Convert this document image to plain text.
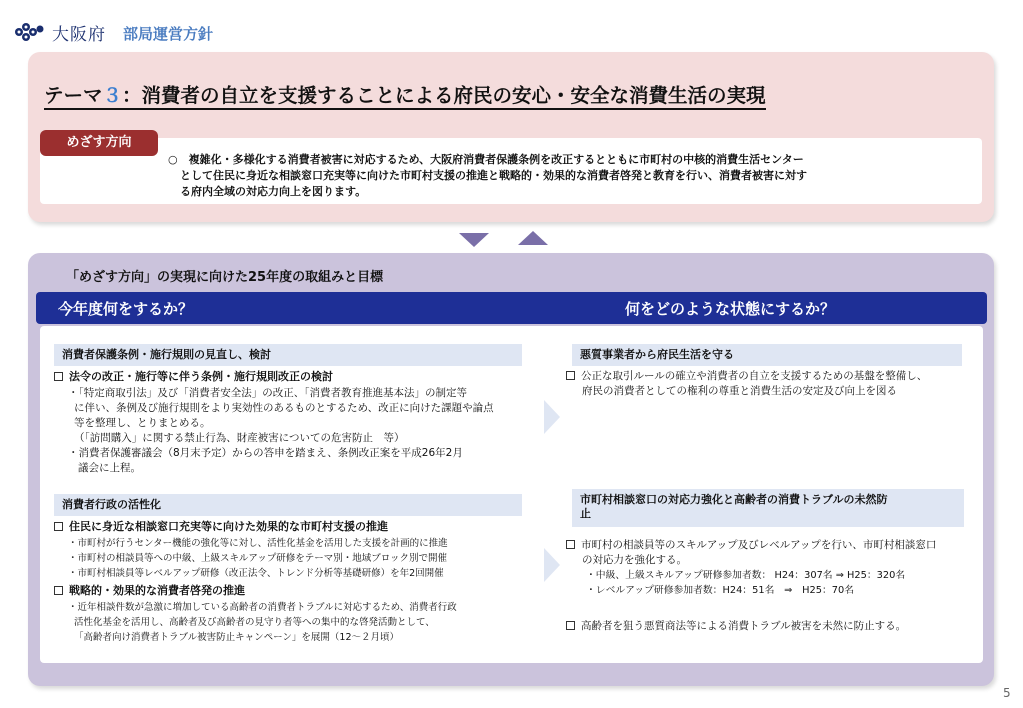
大阪府 部局運営方針
テーマ３：消費者の自立を支援することによる府民の安心・安全な消費生活の実現
めざす方向
○　複雑化・多様化する消費者被害に対応するため、大阪府消費者保護条例を改正するとともに市町村の中核的消費生活センター
として住民に身近な相談窓口充実等に向けた市町村支援の推進と戦略的・効果的な消費者啓発と教育を行い、消費者被害に対す
る府内全域の対応力向上を図ります。
「めざす方向」の実現に向けた25年度の取組みと目標
今年度何をするか？	何をどのような状態にするか？
消費者保護条例・施行規則の見直し、検討
法令の改正・施行等に伴う条例・施行規則改正の検討
・「特定商取引法」及び「消費者安全法」の改正、「消費者教育推進基本法」の制定等
に伴い、条例及び施行規則をより実効性のあるものとするため、改正に向けた課題や論点
等を整理し、とりまとめる。
（「訪問購入」に関する禁止行為、財産被害についての危害防止　等）
・消費者保護審議会（8月末予定）からの答申を踏まえ、条例改正案を平成26年2月
議会に上程。
消費者行政の活性化
住民に身近な相談窓口充実等に向けた効果的な市町村支援の推進
・市町村が行うセンター機能の強化等に対し、活性化基金を活用した支援を計画的に推進
・市町村の相談員等への中級、上級スキルアップ研修をテーマ別・地域ブロック別で開催
・市町村相談員等レベルアップ研修（改正法令、トレンド分析等基礎研修）を年2回開催
戦略的・効果的な消費者啓発の推進
・近年相談件数が急激に増加している高齢者の消費者トラブルに対応するため、消費者行政
活性化基金を活用し、高齢者及び高齢者の見守り者等への集中的な啓発活動として、
「高齢者向け消費者トラブル被害防止キャンペーン」を展開（12～２月頃）
悪質事業者から府民生活を守る
公正な取引ルールの確立や消費者の自立を支援するための基盤を整備し、
府民の消費者としての権利の尊重と消費生活の安定及び向上を図る
市町村相談窓口の対応力強化と高齢者の消費トラブルの未然防
止
市町村の相談員等のスキルアップ及びレベルアップを行い、市町村相談窓口
の対応力を強化する。
・中級、上級スキルアップ研修参加者数： H24：307名 ⇒ H25：320名
・レベルアップ研修参加者数：H24：51名　⇒　H25：70名
高齢者を狙う悪質商法等による消費トラブル被害を未然に防止する。
5
